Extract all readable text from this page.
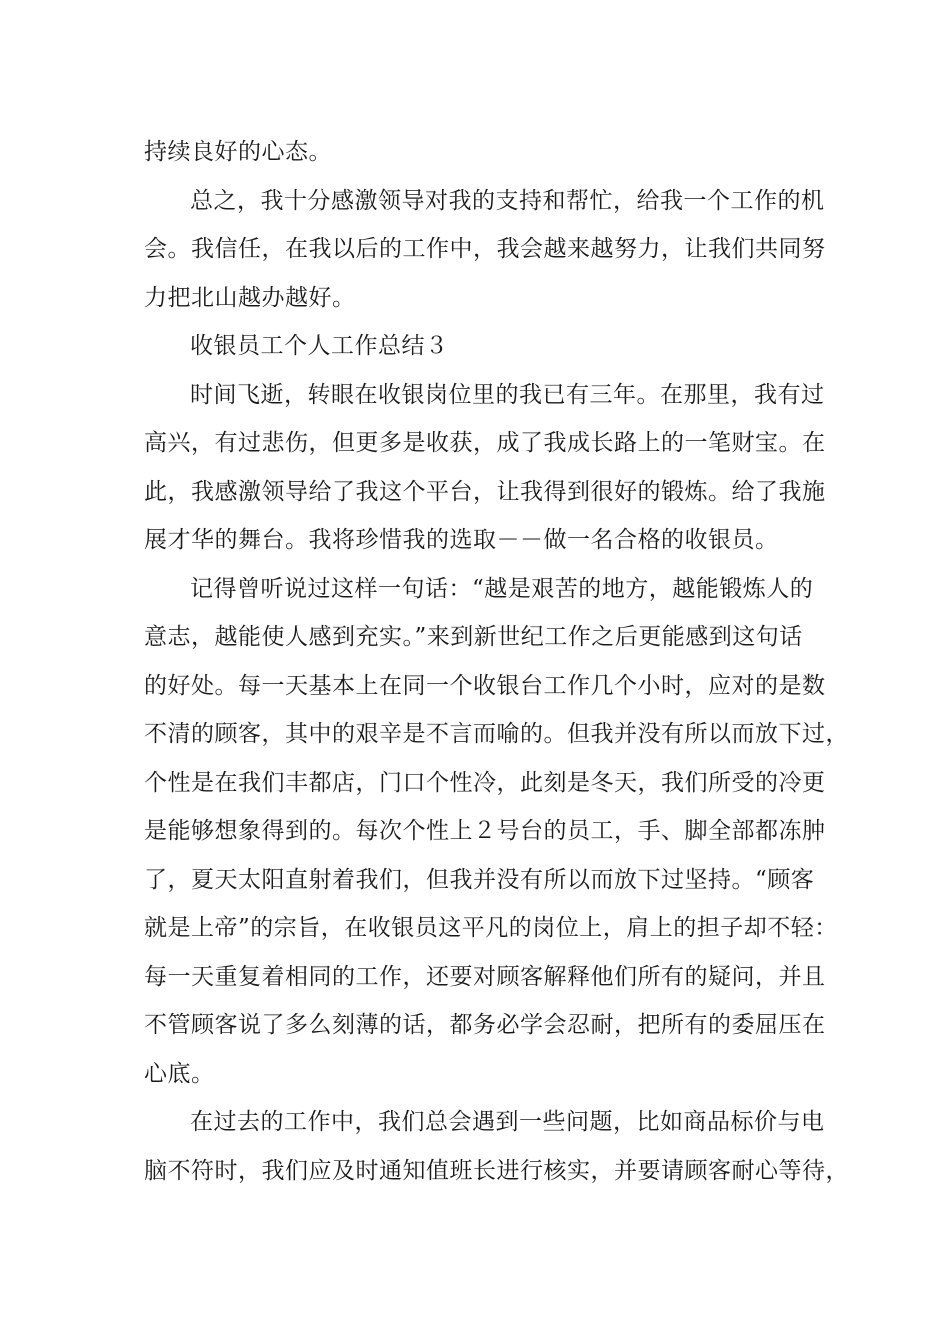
持续良好的心态。
总之，我十分感激领导对我的支持和帮忙，给我一个工作的机
会。我信任，在我以后的工作中，我会越来越努力，让我们共同努
力把北山越办越好。
收银员工个人工作总结３
时间飞逝，转眼在收银岗位里的我已有三年。在那里，我有过
高兴，有过悲伤，但更多是收获，成了我成长路上的一笔财宝。在
此，我感激领导给了我这个平台，让我得到很好的锻炼。给了我施
展才华的舞台。我将珍惜我的选取－－做一名合格的收银员。
记得曾听说过这样一句话：“越是艰苦的地方，越能锻炼人的
意志，越能使人感到充实。”来到新世纪工作之后更能感到这句话
的好处。每一天基本上在同一个收银台工作几个小时，应对的是数
不清的顾客，其中的艰辛是不言而喻的。但我并没有所以而放下过，
个性是在我们丰都店，门口个性冷，此刻是冬天，我们所受的冷更
是能够想象得到的。每次个性上２号台的员工，手、脚全部都冻肿
了，夏天太阳直射着我们，但我并没有所以而放下过坚持。“顾客
就是上帝”的宗旨，在收银员这平凡的岗位上，肩上的担子却不轻：
每一天重复着相同的工作，还要对顾客解释他们所有的疑问，并且
不管顾客说了多么刻薄的话，都务必学会忍耐，把所有的委屈压在
心底。
在过去的工作中，我们总会遇到一些问题，比如商品标价与电
脑不符时，我们应及时通知值班长进行核实，并要请顾客耐心等待，
